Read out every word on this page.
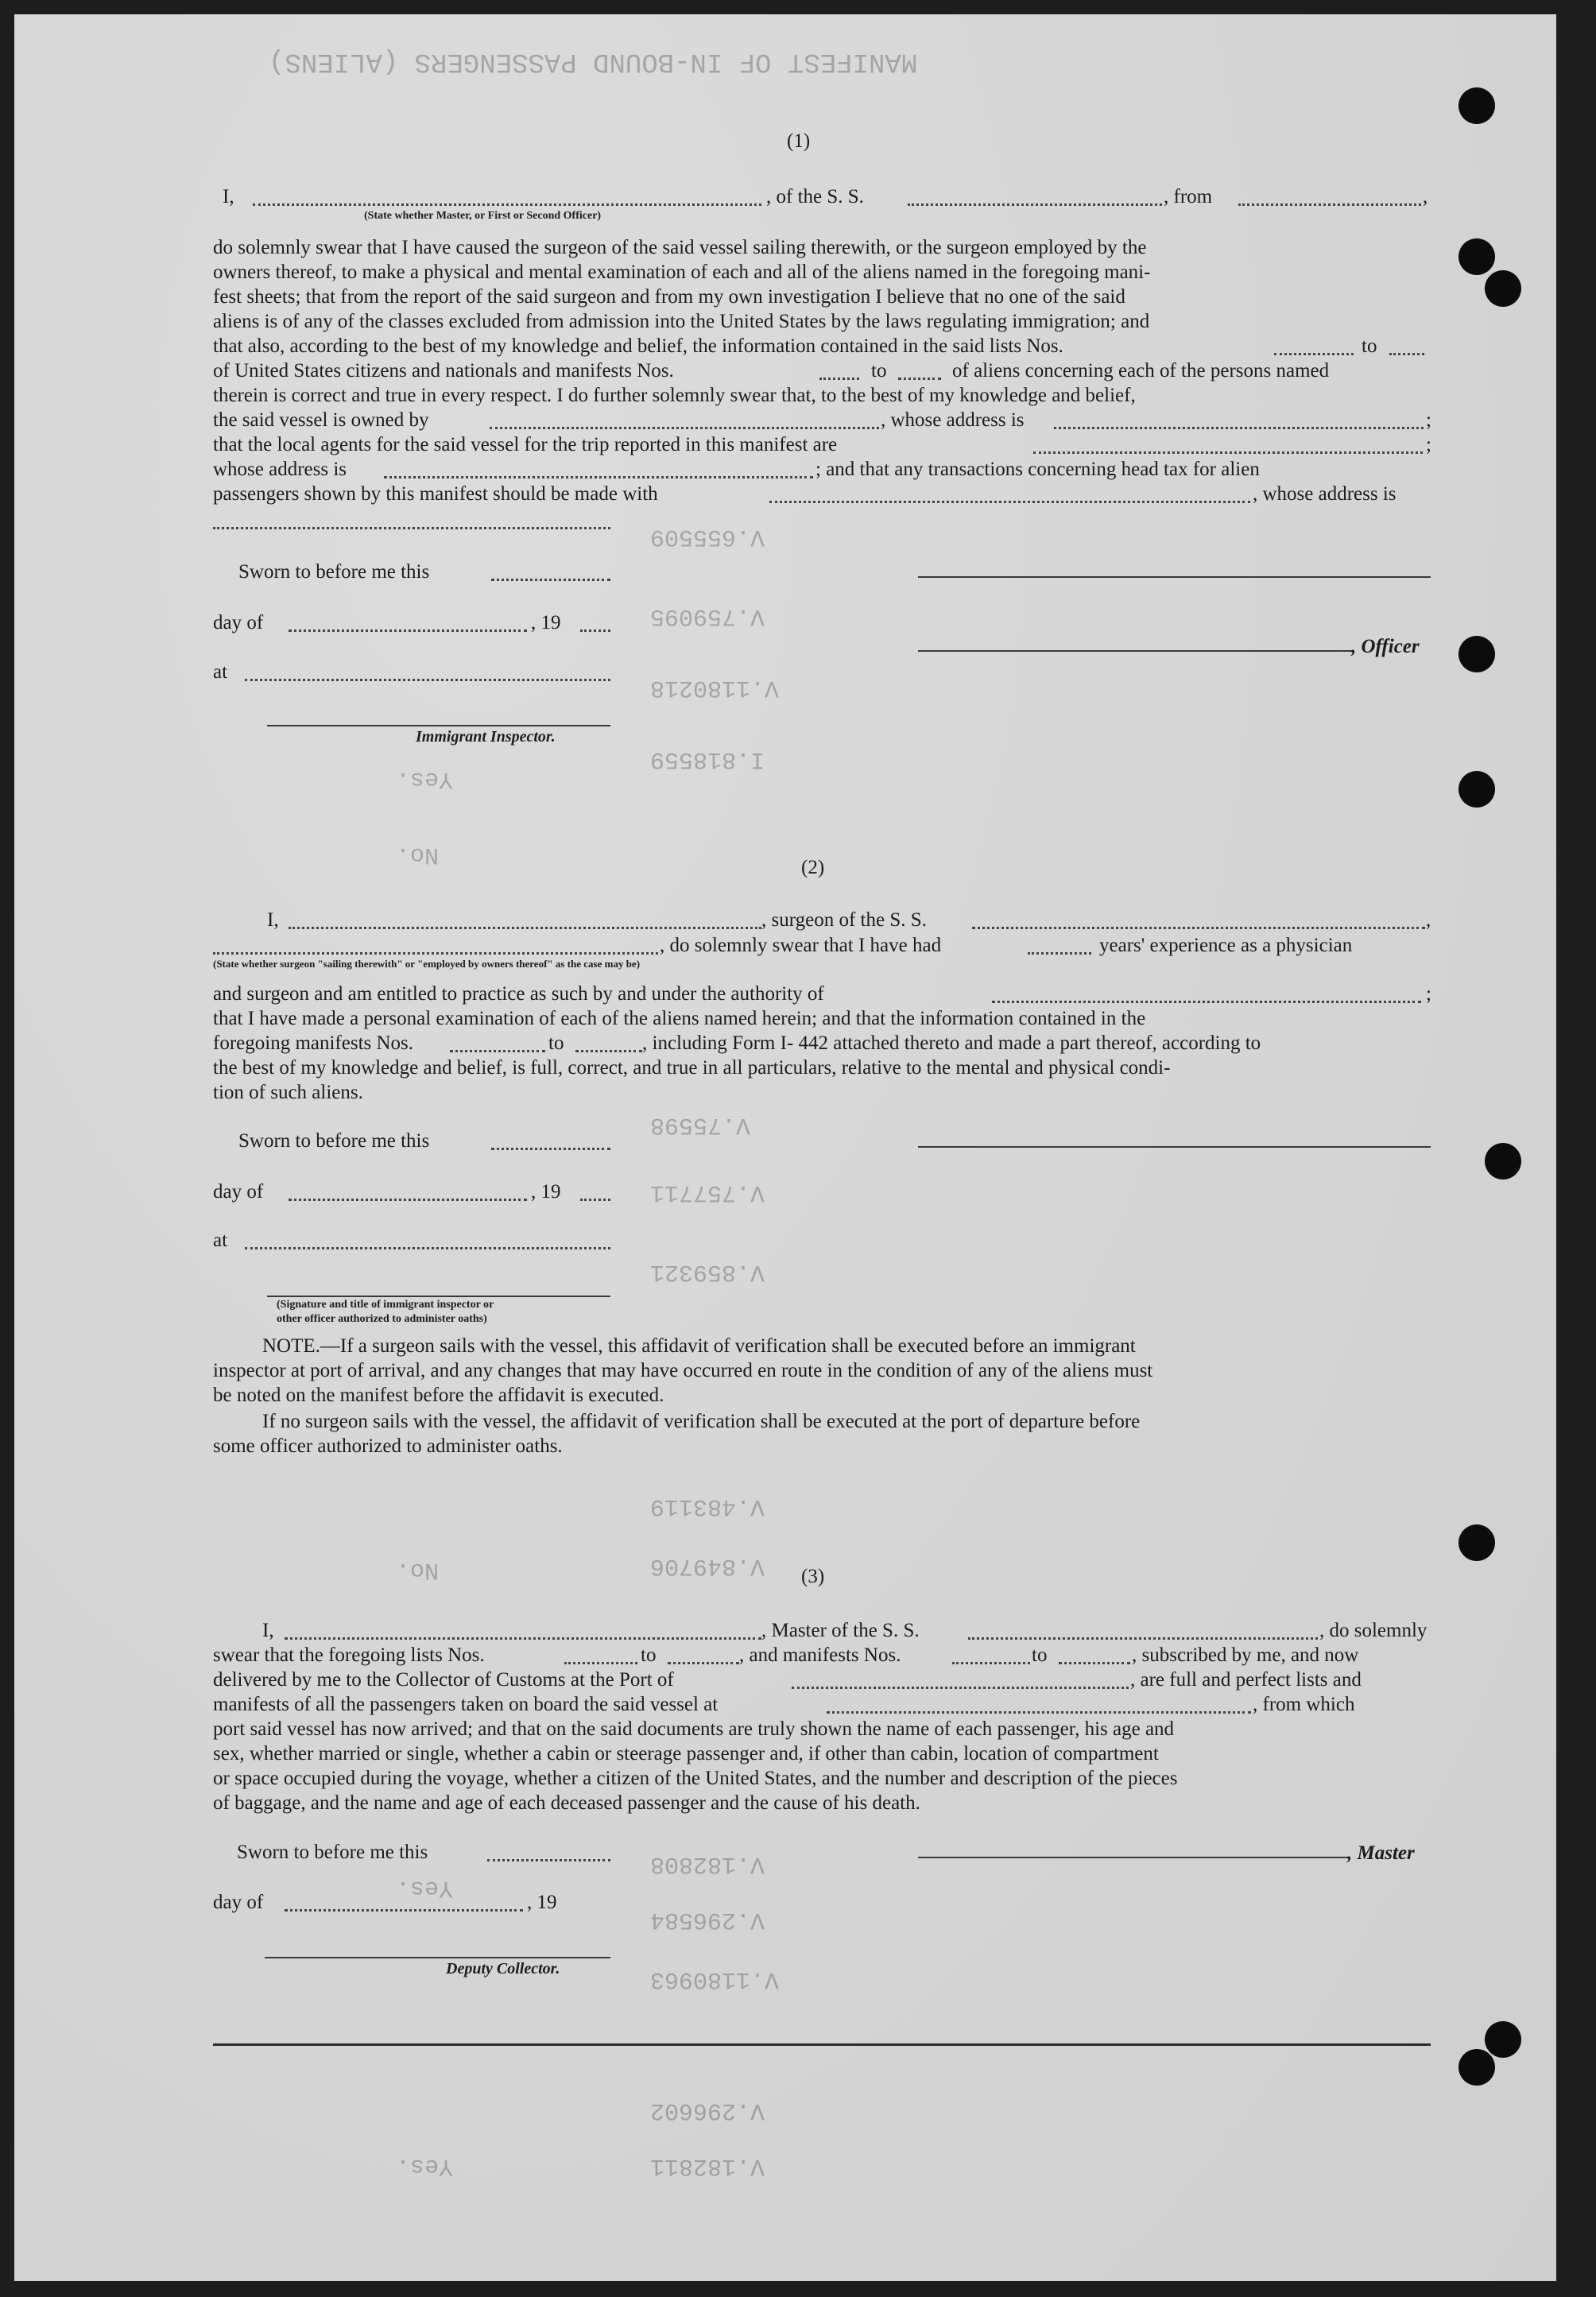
MANIFEST OF IN-BOUND PASSENGERS (ALIENS)
V.655509
V.1180218
I.818559
V.759095
V.75598
V.757711
V.859321
V.483119
V.849706
V.182808
V.296584
V.1180963
V.296602
V.182811
Yes.
No.
No.
Yes.
Yes.
(1)
I,	, of the S. S.	, from	,
(State whether Master, or First or Second Officer)
do solemnly swear that I have caused the surgeon of the said vessel sailing therewith, or the surgeon employed by the
owners thereof, to make a physical and mental examination of each and all of the aliens named in the foregoing mani-
fest sheets; that from the report of the said surgeon and from my own investigation I believe that no one of the said
aliens is of any of the classes excluded from admission into the United States by the laws regulating immigration; and
that also, according to the best of my knowledge and belief, the information contained in the said lists Nos.	to
of United States citizens and nationals and manifests Nos.	to	of aliens concerning each of the persons named
therein is correct and true in every respect. I do further solemnly swear that, to the best of my knowledge and belief,
the said vessel is owned by	, whose address is	;
that the local agents for the said vessel for the trip reported in this manifest are	;
whose address is	; and that any transactions concerning head tax for alien
passengers shown by this manifest should be made with	, whose address is
Sworn to before me this
day of	, 19
, Officer
at
Immigrant Inspector.
(2)
I,	, surgeon of the S. S.	,
, do solemnly swear that I have had	years' experience as a physician
(State whether surgeon "sailing therewith" or "employed by owners thereof" as the case may be)
and surgeon and am entitled to practice as such by and under the authority of	;
that I have made a personal examination of each of the aliens named herein; and that the information contained in the
foregoing manifests Nos.	to	, including Form I- 442 attached thereto and made a part thereof, according to
the best of my knowledge and belief, is full, correct, and true in all particulars, relative to the mental and physical condi-
tion of such aliens.
Sworn to before me this
day of	, 19
at
(Signature and title of immigrant inspector or
other officer authorized to administer oaths)
NOTE.—If a surgeon sails with the vessel, this affidavit of verification shall be executed before an immigrant
inspector at port of arrival, and any changes that may have occurred en route in the condition of any of the aliens must
be noted on the manifest before the affidavit is executed.
If no surgeon sails with the vessel, the affidavit of verification shall be executed at the port of departure before
some officer authorized to administer oaths.
(3)
I,	, Master of the S. S.	, do solemnly
swear that the foregoing lists Nos.	to	, and manifests Nos.	to	, subscribed by me, and now
delivered by me to the Collector of Customs at the Port of	, are full and perfect lists and
manifests of all the passengers taken on board the said vessel at	, from which
port said vessel has now arrived; and that on the said documents are truly shown the name of each passenger, his age and
sex, whether married or single, whether a cabin or steerage passenger and, if other than cabin, location of compartment
or space occupied during the voyage, whether a citizen of the United States, and the number and description of the pieces
of baggage, and the name and age of each deceased passenger and the cause of his death.
Sworn to before me this	, Master
day of	, 19
Deputy Collector.
